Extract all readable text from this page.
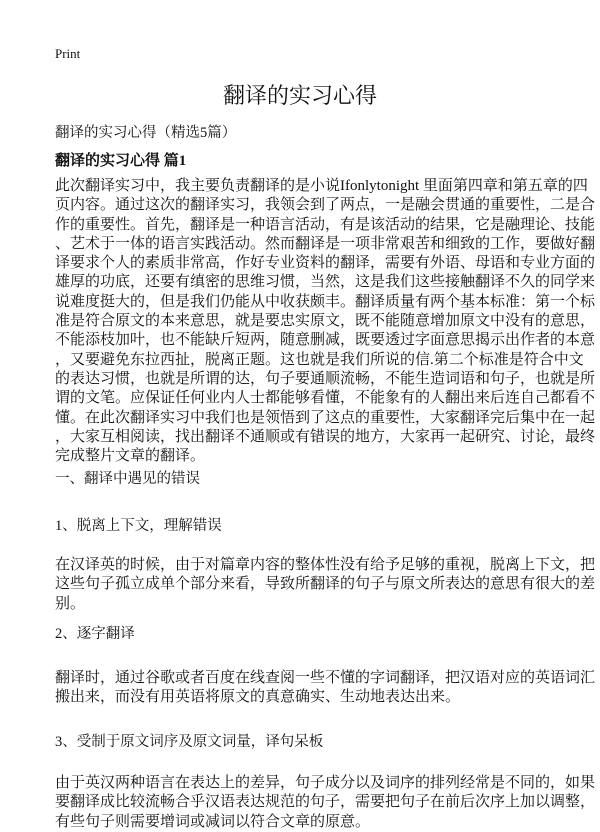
Print
翻译的实习心得
翻译的实习心得（精选5篇）
翻译的实习心得 篇1
此次翻译实习中，我主要负责翻译的是小说Ifonlytonight 里面第四章和第五章的四
页内容。通过这次的翻译实习，我领会到了两点，一是融会贯通的重要性，二是合
作的重要性。首先，翻译是一种语言活动，有是该活动的结果，它是融理论、技能
、艺术于一体的语言实践活动。然而翻译是一项非常艰苦和细致的工作，要做好翻
译要求个人的素质非常高，作好专业资料的翻译，需要有外语、母语和专业方面的
雄厚的功底，还要有缜密的思维习惯，当然，这是我们这些接触翻译不久的同学来
说难度挺大的，但是我们仍能从中收获颇丰。翻译质量有两个基本标准：第一个标
准是符合原文的本来意思，就是要忠实原文，既不能随意增加原文中没有的意思，
不能添枝加叶，也不能缺斤短两，随意删减，既要透过字面意思揭示出作者的本意
，又要避免东拉西扯，脱离正题。这也就是我们所说的信.第二个标准是符合中文
的表达习惯，也就是所谓的达，句子要通顺流畅，不能生造词语和句子，也就是所
谓的文笔。应保证任何业内人士都能够看懂，不能象有的人翻出来后连自己都看不
懂。在此次翻译实习中我们也是领悟到了这点的重要性，大家翻译完后集中在一起
，大家互相阅读，找出翻译不通顺或有错误的地方，大家再一起研究、讨论，最终
完成整片文章的翻译。
一、翻译中遇见的错误
1、脱离上下文，理解错误
在汉译英的时候，由于对篇章内容的整体性没有给予足够的重视，脱离上下文，把
这些句子孤立成单个部分来看，导致所翻译的句子与原文所表达的意思有很大的差
别。
2、逐字翻译
翻译时，通过谷歌或者百度在线查阅一些不懂的字词翻译，把汉语对应的英语词汇
搬出来，而没有用英语将原文的真意确实、生动地表达出来。
3、受制于原文词序及原文词量，译句呆板
由于英汉两种语言在表达上的差异，句子成分以及词序的排列经常是不同的，如果
要翻译成比较流畅合乎汉语表达规范的句子，需要把句子在前后次序上加以调整，
有些句子则需要增词或减词以符合文章的原意。
